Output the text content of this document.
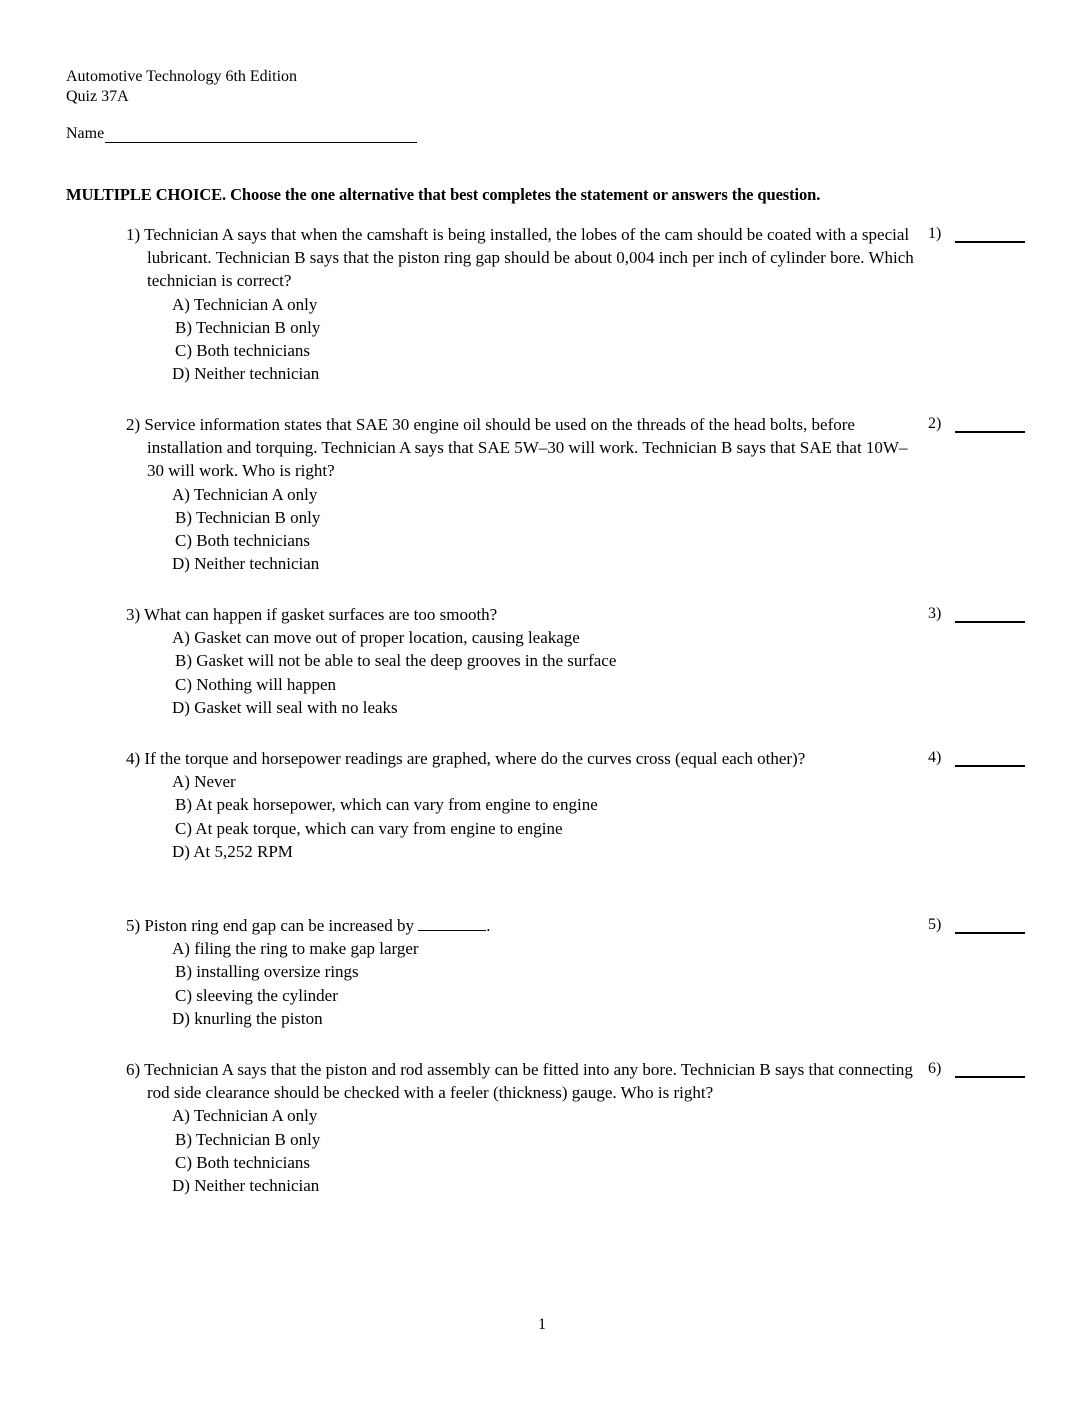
Automotive Technology 6th Edition
Quiz 37A
Name
MULTIPLE CHOICE. Choose the one alternative that best completes the statement or answers the question.
1) Technician A says that when the camshaft is being installed, the lobes of the cam should be coated with a special lubricant. Technician B says that the piston ring gap should be about 0,004 inch per inch of cylinder bore. Which technician is correct?
A) Technician A only
B) Technician B only
C) Both technicians
D) Neither technician
1)
2) Service information states that SAE 30 engine oil should be used on the threads of the head bolts, before installation and torquing. Technician A says that SAE 5W–30 will work. Technician B says that SAE that 10W–30 will work. Who is right?
A) Technician A only
B) Technician B only
C) Both technicians
D) Neither technician
2)
3) What can happen if gasket surfaces are too smooth?
A) Gasket can move out of proper location, causing leakage
B) Gasket will not be able to seal the deep grooves in the surface
C) Nothing will happen
D) Gasket will seal with no leaks
3)
4) If the torque and horsepower readings are graphed, where do the curves cross (equal each other)?
A) Never
B) At peak horsepower, which can vary from engine to engine
C) At peak torque, which can vary from engine to engine
D) At 5,252 RPM
4)
5) Piston ring end gap can be increased by	.
A) filing the ring to make gap larger
B) installing oversize rings
C) sleeving the cylinder
D) knurling the piston
5)
6) Technician A says that the piston and rod assembly can be fitted into any bore. Technician B says that connecting rod side clearance should be checked with a feeler (thickness) gauge. Who is right?
A) Technician A only
B) Technician B only
C) Both technicians
D) Neither technician
6)
1
